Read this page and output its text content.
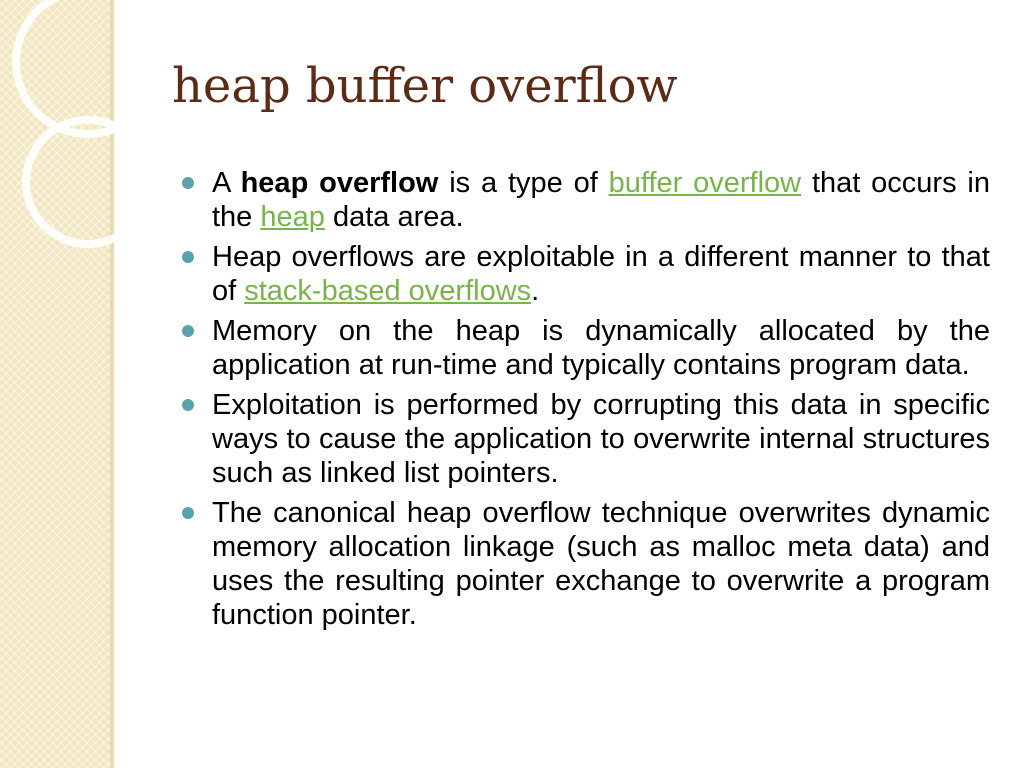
heap buffer overflow
A heap overflow is a type of buffer overflow that occurs in the heap data area.
Heap overflows are exploitable in a different manner to that of stack-based overflows.
Memory on the heap is dynamically allocated by the application at run-time and typically contains program data.
Exploitation is performed by corrupting this data in specific ways to cause the application to overwrite internal structures such as linked list pointers.
The canonical heap overflow technique overwrites dynamic memory allocation linkage (such as malloc meta data) and uses the resulting pointer exchange to overwrite a program function pointer.
